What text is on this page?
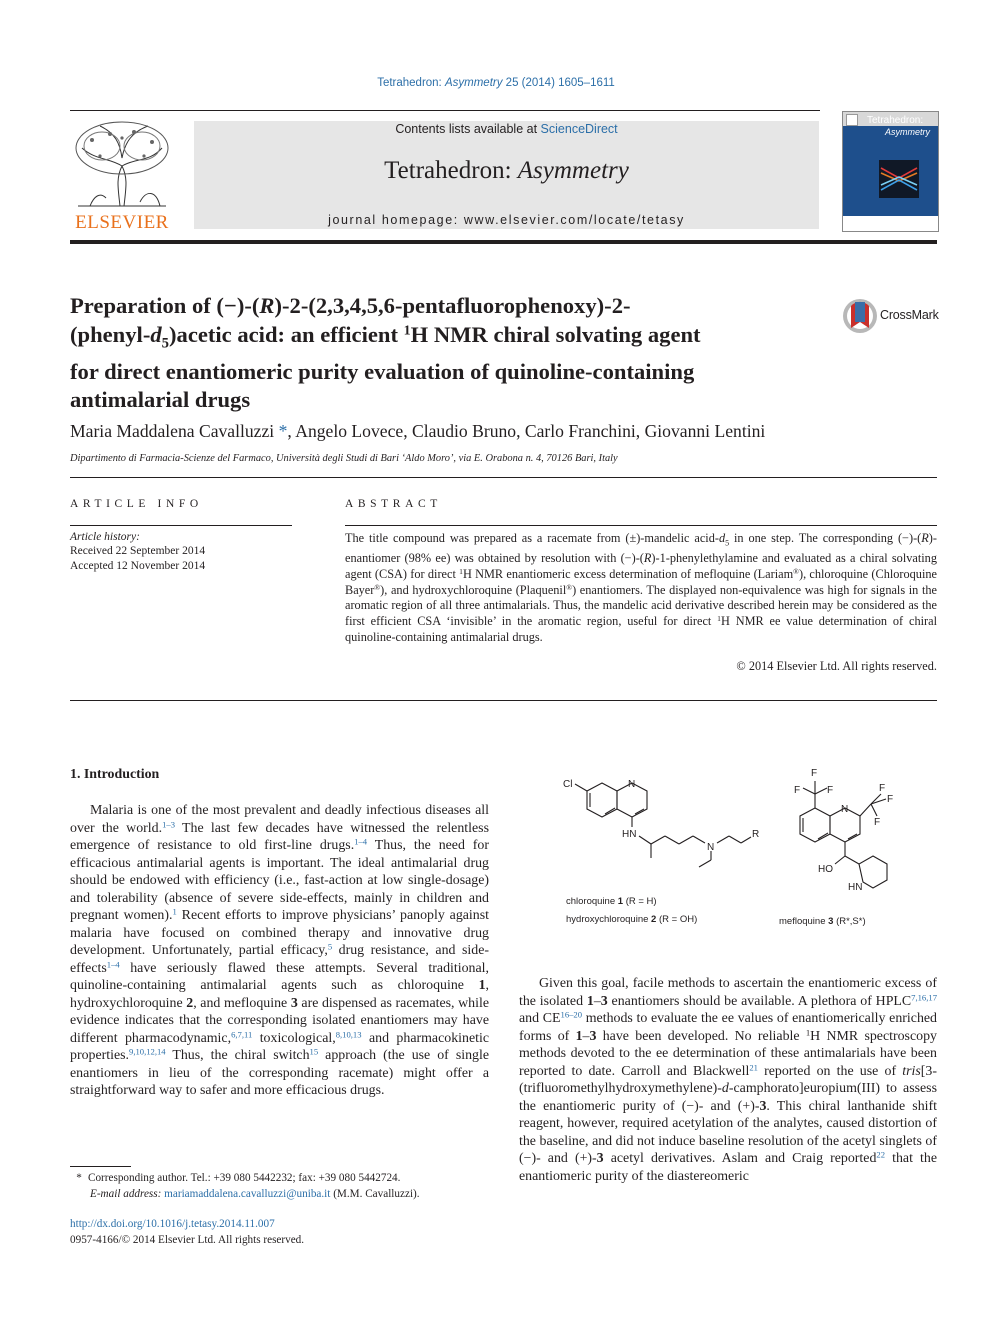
Tetrahedron: Asymmetry 25 (2014) 1605–1611
ELSEVIER
Contents lists available at ScienceDirect
Tetrahedron: Asymmetry
journal homepage: www.elsevier.com/locate/tetasy
Tetrahedron:
Asymmetry
Preparation of (−)-(R)-2-(2,3,4,5,6-pentafluorophenoxy)-2-
$(phenyl-d_5)acetic$ acid: an efficient $^1$H NMR chiral solvating agent
for direct enantiomeric purity evaluation of quinoline-containing
antimalarial drugs
CrossMark
Maria Maddalena Cavalluzzi *, Angelo Lovece, Claudio Bruno, Carlo Franchini, Giovanni Lentini
Dipartimento di Farmacia-Scienze del Farmaco, Università degli Studi di Bari ‘Aldo Moro’, via E. Orabona n. 4, 70126 Bari, Italy
ARTICLE INFO
Article history:
Received 22 September 2014
Accepted 12 November 2014
ABSTRACT
The title compound was prepared as a racemate from (±)-mandelic acid-$d_5$ in one step. The corresponding (−)-(R)-enantiomer (98% ee) was obtained by resolution with (−)-(R)-1-phenylethylamine and evaluated as a chiral solvating agent (CSA) for direct $^1$H NMR enantiomeric excess determination of mefloquine (Lariam®), chloroquine (Chloroquine Bayer®), and hydroxychloroquine (Plaquenil®) enantiomers. The displayed non-equivalence was high for signals in the aromatic region of all three antimalarials. Thus, the mandelic acid derivative described herein may be considered as the first efficient CSA ‘invisible’ in the aromatic region, useful for direct $^1$H NMR ee value determination of chiral quinoline-containing antimalarial drugs.
© 2014 Elsevier Ltd. All rights reserved.
1. Introduction
Malaria is one of the most prevalent and deadly infectious diseases all over the world.$^{1-3}$ The last few decades have witnessed the relentless emergence of resistance to old first-line drugs.$^{1-4}$ Thus, the need for efficacious antimalarial agents is important. The ideal antimalarial drug should be endowed with efficiency (i.e., fast-action at low single-dosage) and tolerability (absence of severe side-effects, mainly in children and pregnant women).$^1$ Recent efforts to improve physicians’ panoply against malaria have focused on combined therapy and innovative drug development. Unfortunately, partial efficacy,$^5$ drug resistance, and side-effects$^{1-4}$ have seriously flawed these attempts. Several traditional, quinoline-containing antimalarial agents such as chloroquine 1, hydroxychloroquine 2, and mefloquine 3 are dispensed as racemates, while evidence indicates that the corresponding isolated enantiomers may have different pharmacodynamic,$^{6,7,11}$ toxicological,$^{8,10,13}$ and pharmacokinetic properties.$^{9,10,12,14}$ Thus, the chiral switch$^{15}$ approach (the use of single enantiomers in lieu of the corresponding racemate) might offer a straightforward way to safer and more efficacious drugs.
* Corresponding author. Tel.: +39 080 5442232; fax: +39 080 5442724.
E-mail address: mariamaddalena.cavalluzzi@uniba.it (M.M. Cavalluzzi).
http://dx.doi.org/10.1016/j.tetasy.2014.11.007
0957-4166/© 2014 Elsevier Ltd. All rights reserved.
Cl	N
HN
N
R
F
F	F
N
F
F
F
HO
HN
chloroquine 1 (R = H)
hydroxychloroquine 2 (R = OH)	mefloquine 3 (R*,S*)
Given this goal, facile methods to ascertain the enantiomeric excess of the isolated 1–3 enantiomers should be available. A plethora of HPLC$^{7,16,17}$ and CE$^{16-20}$ methods to evaluate the ee values of enantiomerically enriched forms of 1–3 have been developed. No reliable $^1$H NMR spectroscopy methods devoted to the ee determination of these antimalarials have been reported to date. Carroll and Blackwell$^{21}$ reported on the use of tris[3-(trifluoromethylhydroxymethylene)-d-camphorato]europium(III) to assess the enantiomeric purity of (−)- and (+)-3. This chiral lanthanide shift reagent, however, required acetylation of the analytes, caused distortion of the baseline, and did not induce baseline resolution of the acetyl singlets of (−)- and (+)-3 acetyl derivatives. Aslam and Craig reported$^{22}$ that the enantiomeric purity of the diastereomeric
